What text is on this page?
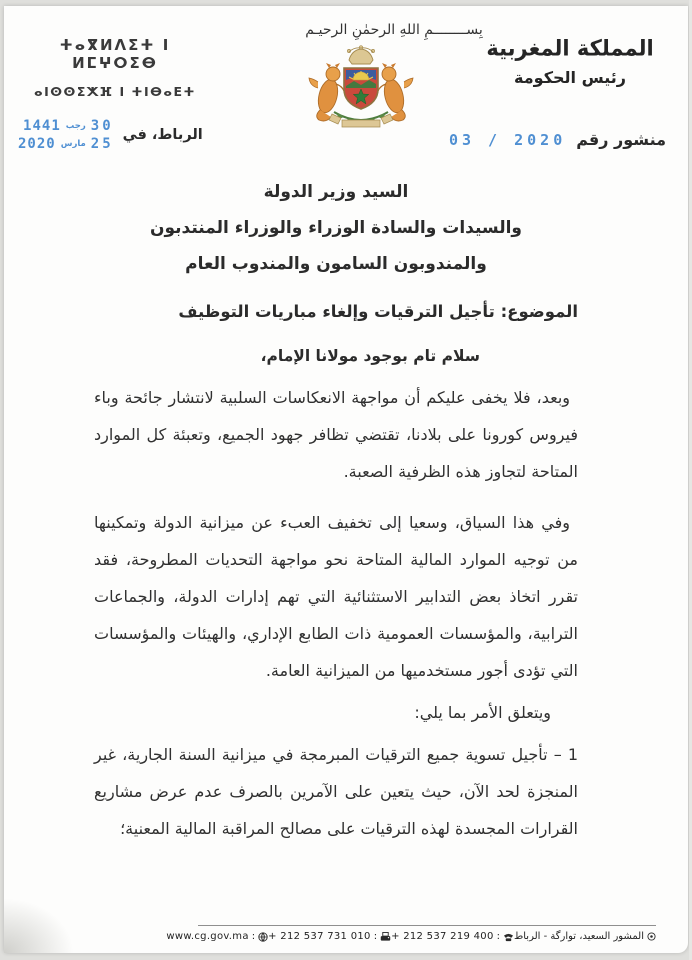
ⵜⴰⴳⵍⴷⵉⵜ ⵏ ⵍⵎⵖⵔⵉⴱ
ⴰⵏⵙⵙⵉⵅⴼ ⵏ ⵜⵏⴱⴰⴹⵜ
بِســــــــمِ اللهِ الرحمٰنِ الرحيـم
المملكة المغربية
رئيس الحكومة
منشور رقم
03 / 2020
الرباط، في
30
رجب
1441
25
مارس
2020
السيد وزير الدولة
والسيدات والسادة الوزراء والوزراء المنتدبون
والمندوبون السامون والمندوب العام
الموضوع: تأجيل الترقيات وإلغاء مباريات التوظيف
سلام تام بوجود مولانا الإمام،

وبعد، فلا يخفى عليكم أن مواجهة الانعكاسات السلبية لانتشار جائحة وباء فيروس كورونا على بلادنا، تقتضي تظافر جهود الجميع، وتعبئة كل الموارد المتاحة لتجاوز هذه الظرفية الصعبة.

وفي هذا السياق، وسعيا إلى تخفيف العبء عن ميزانية الدولة وتمكينها من توجيه الموارد المالية المتاحة نحو مواجهة التحديات المطروحة، فقد تقرر اتخاذ بعض التدابير الاستثنائية التي تهم إدارات الدولة، والجماعات الترابية، والمؤسسات العمومية ذات الطابع الإداري، والهيئات والمؤسسات التي تؤدى أجور مستخدميها من الميزانية العامة.

ويتعلق الأمر بما يلي:

1 – تأجيل تسوية جميع الترقيات المبرمجة في ميزانية السنة الجارية، غير المنجزة لحد الآن، حيث يتعين على الآمرين بالصرف عدم عرض مشاريع القرارات المجسدة لهذه الترقيات على مصالح المراقبة المالية المعنية؛

المشور السعيد، توارگة - الرباط
:
+ 212 537 219 400
:
+ 212 537 731 010
:
www.cg.gov.ma
